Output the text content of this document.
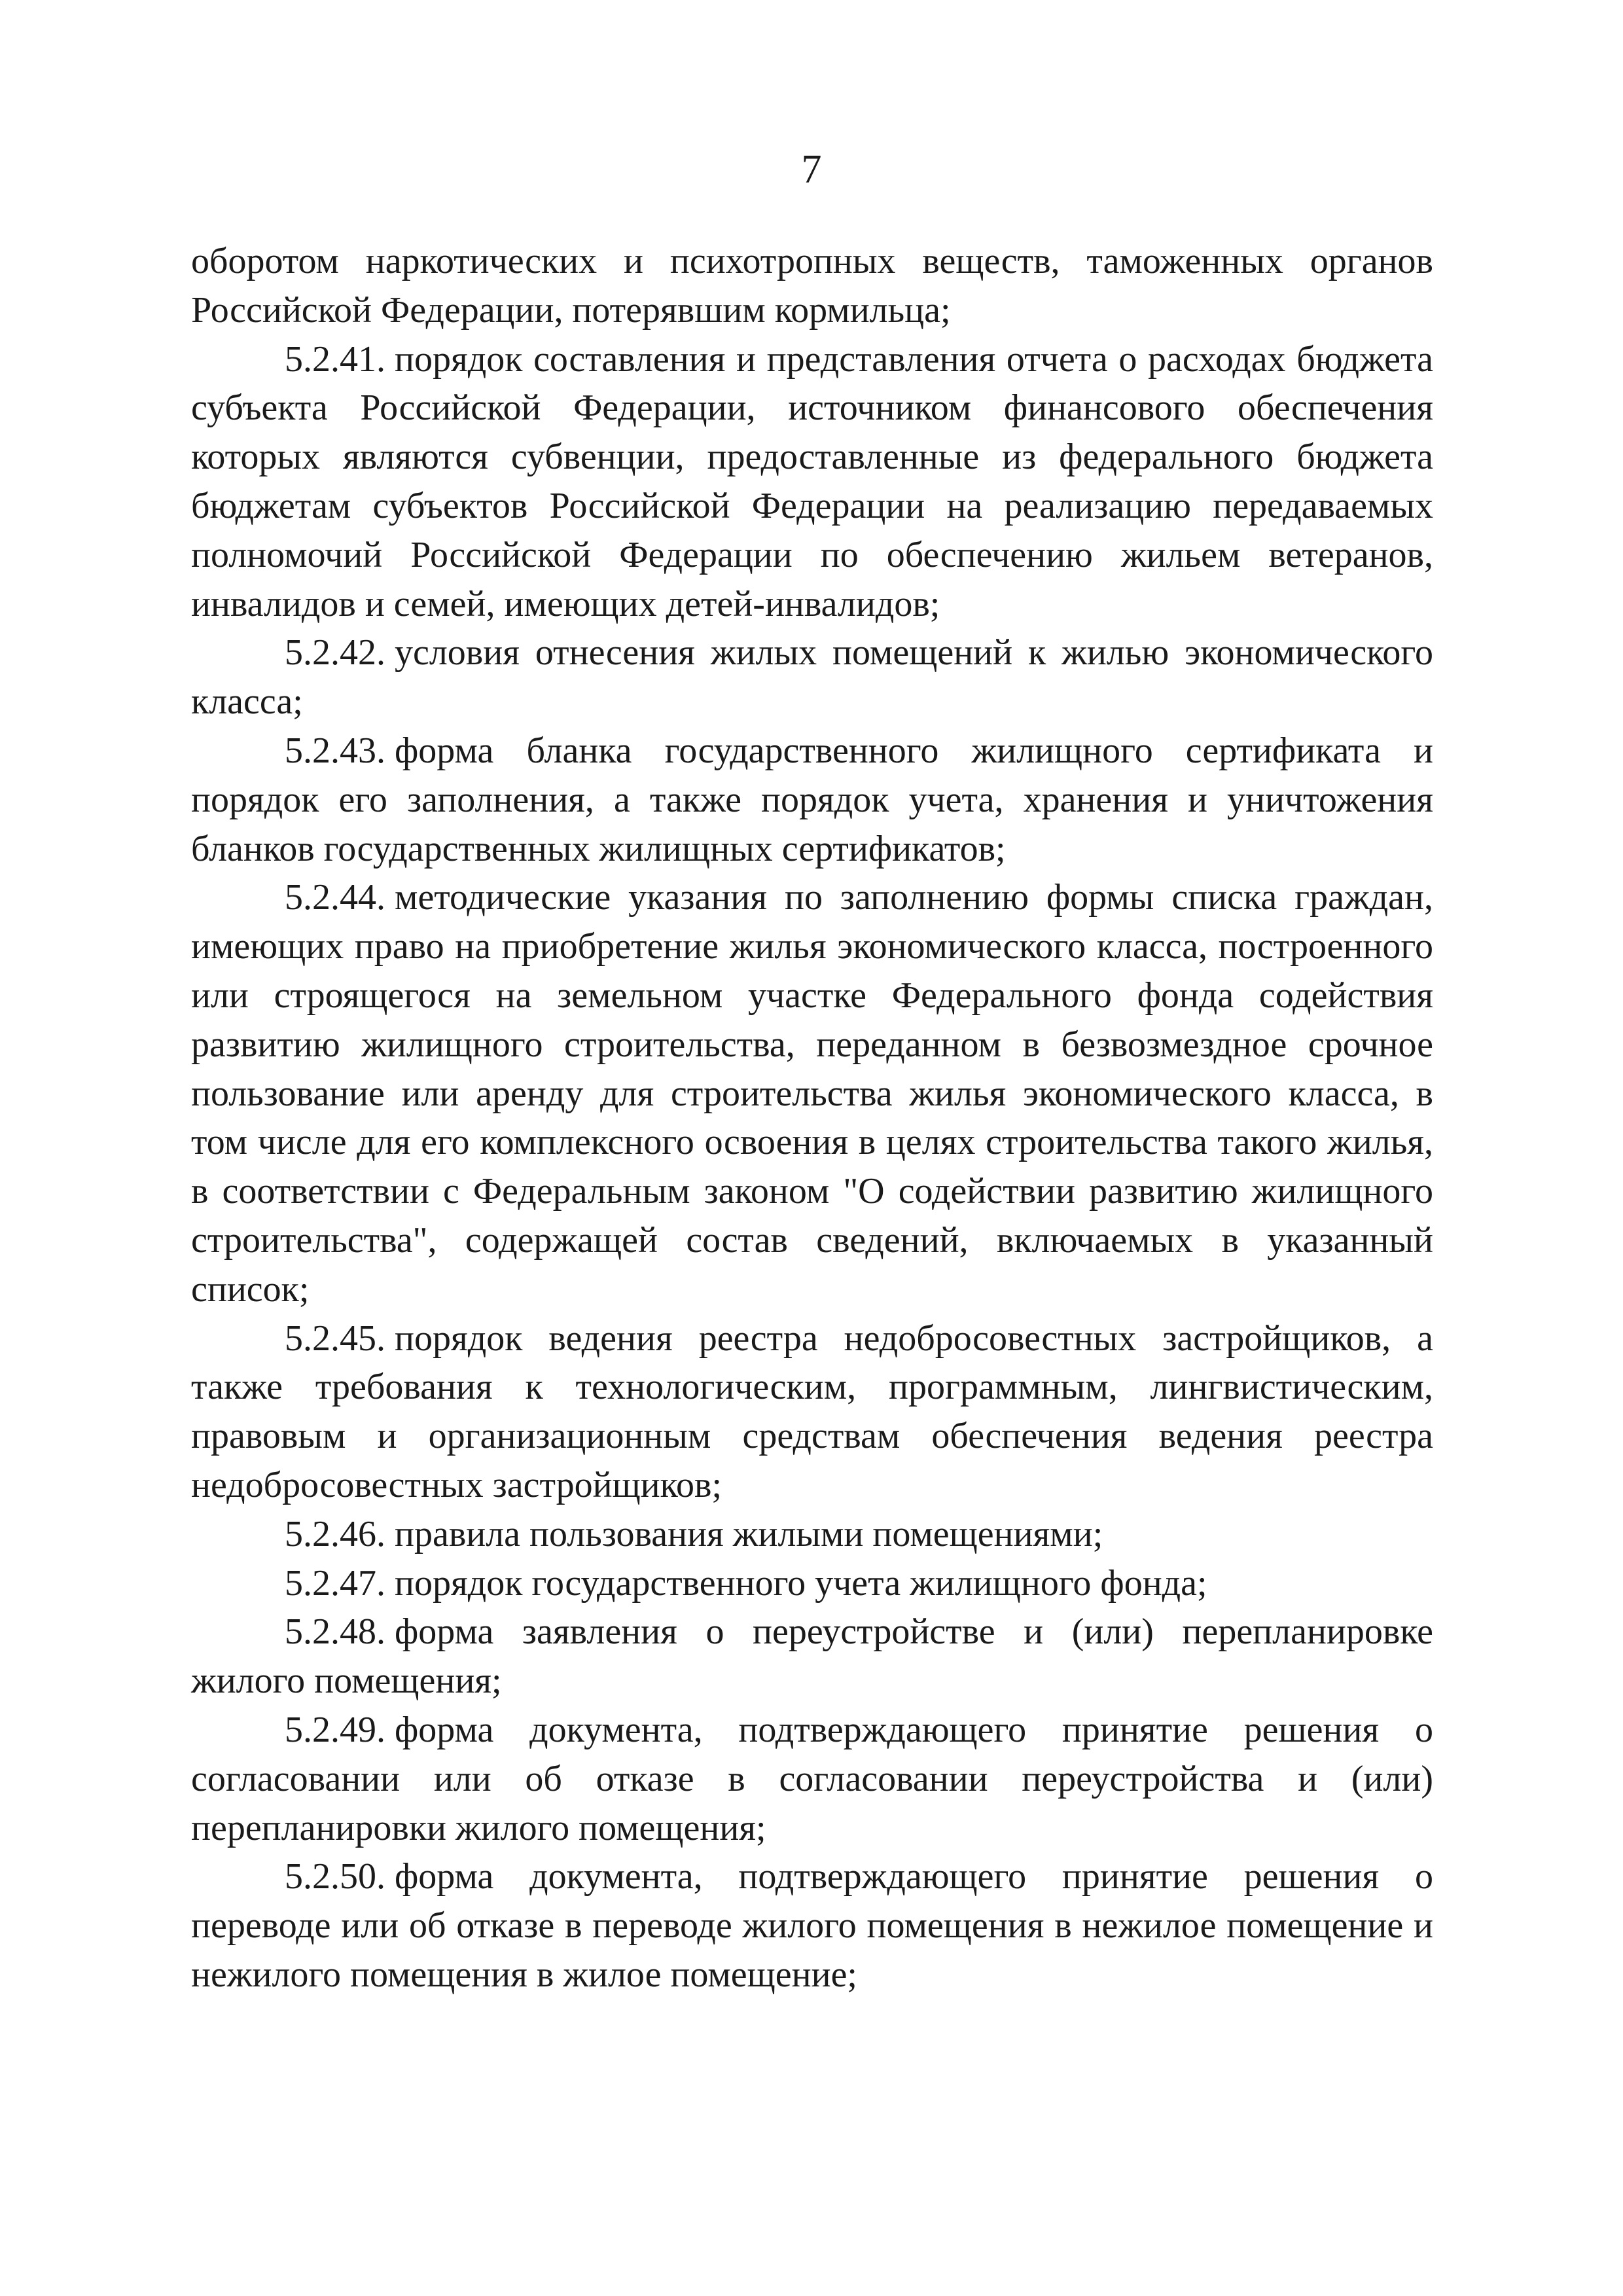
7

оборотом наркотических и психотропных веществ, таможенных органов Российской Федерации, потерявшим кормильца;

5.2.41. порядок составления и представления отчета о расходах бюджета субъекта Российской Федерации, источником финансового обеспечения которых являются субвенции, предоставленные из федерального бюджета бюджетам субъектов Российской Федерации на реализацию передаваемых полномочий Российской Федерации по обеспечению жильем ветеранов, инвалидов и семей, имеющих детей-инвалидов;

5.2.42. условия отнесения жилых помещений к жилью экономического класса;

5.2.43. форма бланка государственного жилищного сертификата и порядок его заполнения, а также порядок учета, хранения и уничтожения бланков государственных жилищных сертификатов;

5.2.44. методические указания по заполнению формы списка граждан, имеющих право на приобретение жилья экономического класса, построенного или строящегося на земельном участке Федерального фонда содействия развитию жилищного строительства, переданном в безвозмездное срочное пользование или аренду для строительства жилья экономического класса, в том числе для его комплексного освоения в целях строительства такого жилья, в соответствии с Федеральным законом "О содействии развитию жилищного строительства", содержащей состав сведений, включаемых в указанный список;

5.2.45. порядок ведения реестра недобросовестных застройщиков, а также требования к технологическим, программным, лингвистическим, правовым и организационным средствам обеспечения ведения реестра недобросовестных застройщиков;

5.2.46. правила пользования жилыми помещениями;

5.2.47. порядок государственного учета жилищного фонда;

5.2.48. форма заявления о переустройстве и (или) перепланировке жилого помещения;

5.2.49. форма документа, подтверждающего принятие решения о согласовании или об отказе в согласовании переустройства и (или) перепланировки жилого помещения;

5.2.50. форма документа, подтверждающего принятие решения о переводе или об отказе в переводе жилого помещения в нежилое помещение и нежилого помещения в жилое помещение;
